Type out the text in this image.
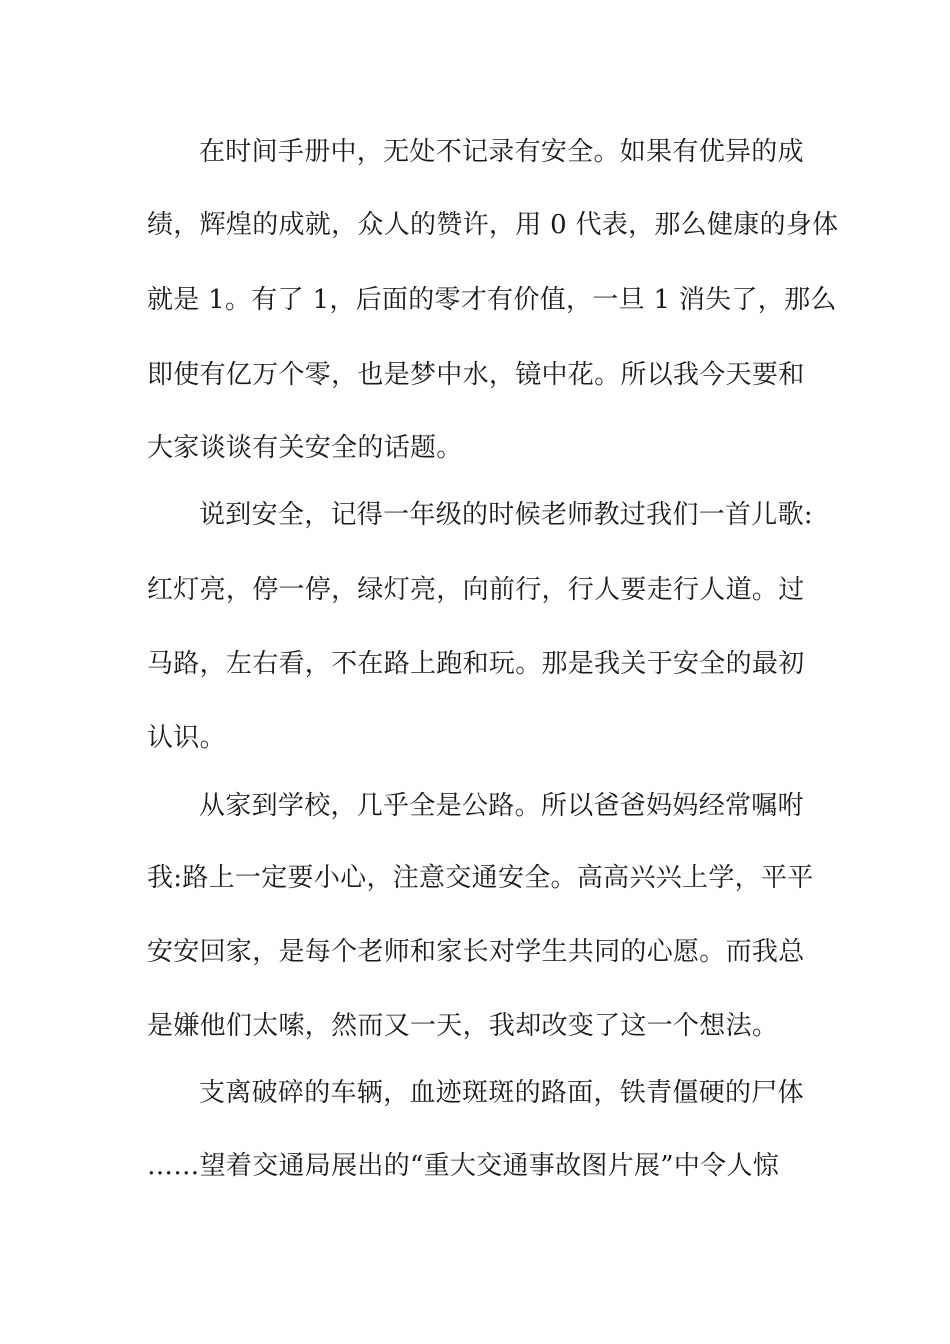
在时间手册中，无处不记录有安全。如果有优异的成
绩，辉煌的成就，众人的赞许，用 0 代表，那么健康的身体
就是 1。有了 1，后面的零才有价值，一旦 1 消失了，那么
即使有亿万个零，也是梦中水，镜中花。所以我今天要和
大家谈谈有关安全的话题。
说到安全，记得一年级的时候老师教过我们一首儿歌:
红灯亮，停一停，绿灯亮，向前行，行人要走行人道。过
马路，左右看，不在路上跑和玩。那是我关于安全的最初
认识。
从家到学校，几乎全是公路。所以爸爸妈妈经常嘱咐
我:路上一定要小心，注意交通安全。高高兴兴上学，平平
安安回家，是每个老师和家长对学生共同的心愿。而我总
是嫌他们太嗦，然而又一天，我却改变了这一个想法。
支离破碎的车辆，血迹斑斑的路面，铁青僵硬的尸体
……望着交通局展出的“重大交通事故图片展”中令人惊
